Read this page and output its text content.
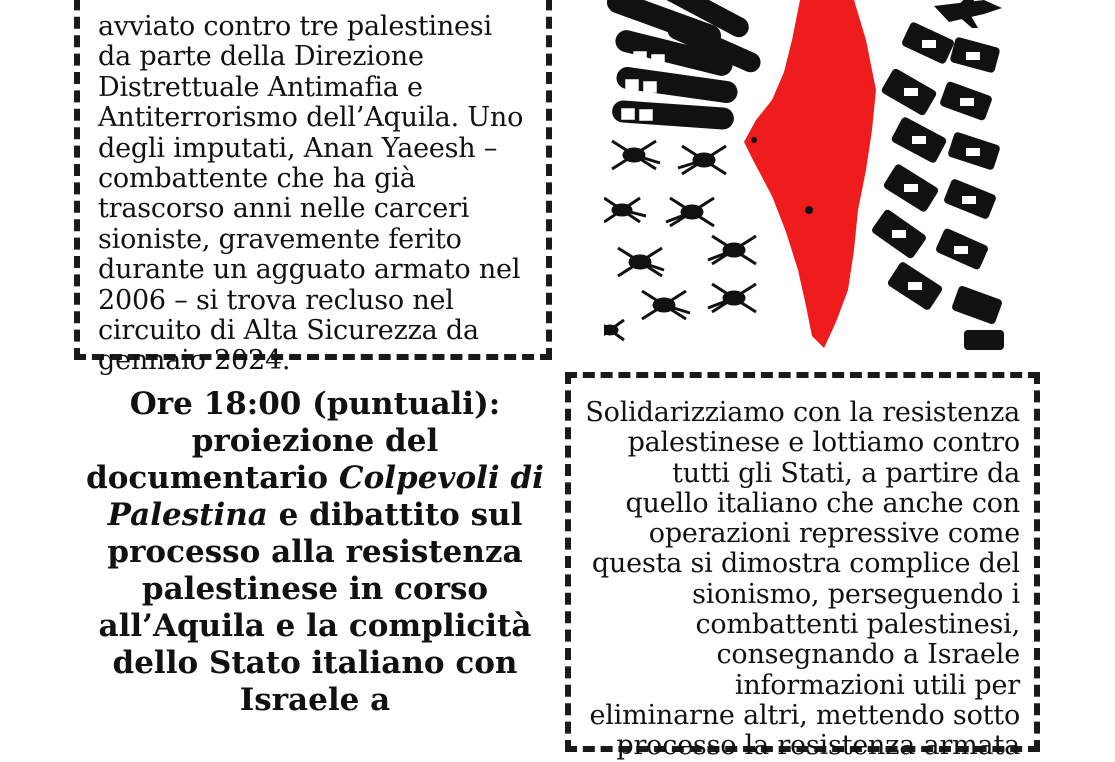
avviato contro tre palestinesi da parte della Direzione Distrettuale Antimafia e Antiterrorismo dell’Aquila. Uno degli imputati, Anan Yaeesh – combattente che ha già trascorso anni nelle carceri sioniste, gravemente ferito durante un agguato armato nel 2006 – si trova recluso nel circuito di Alta Sicurezza da gennaio 2024.

Ore 18:00 (puntuali): proiezione del documentario Colpevoli di Palestina e dibattito sul processo alla resistenza palestinese in corso all’Aquila e la complicità dello Stato italiano con Israele a

Solidarizziamo con la resistenza palestinese e lottiamo contro tutti gli Stati, a partire da quello italiano che anche con operazioni repressive come questa si dimostra complice del sionismo, perseguendo i combattenti palestinesi, consegnando a Israele informazioni utili per eliminarne altri, mettendo sotto processo la resistenza armata
